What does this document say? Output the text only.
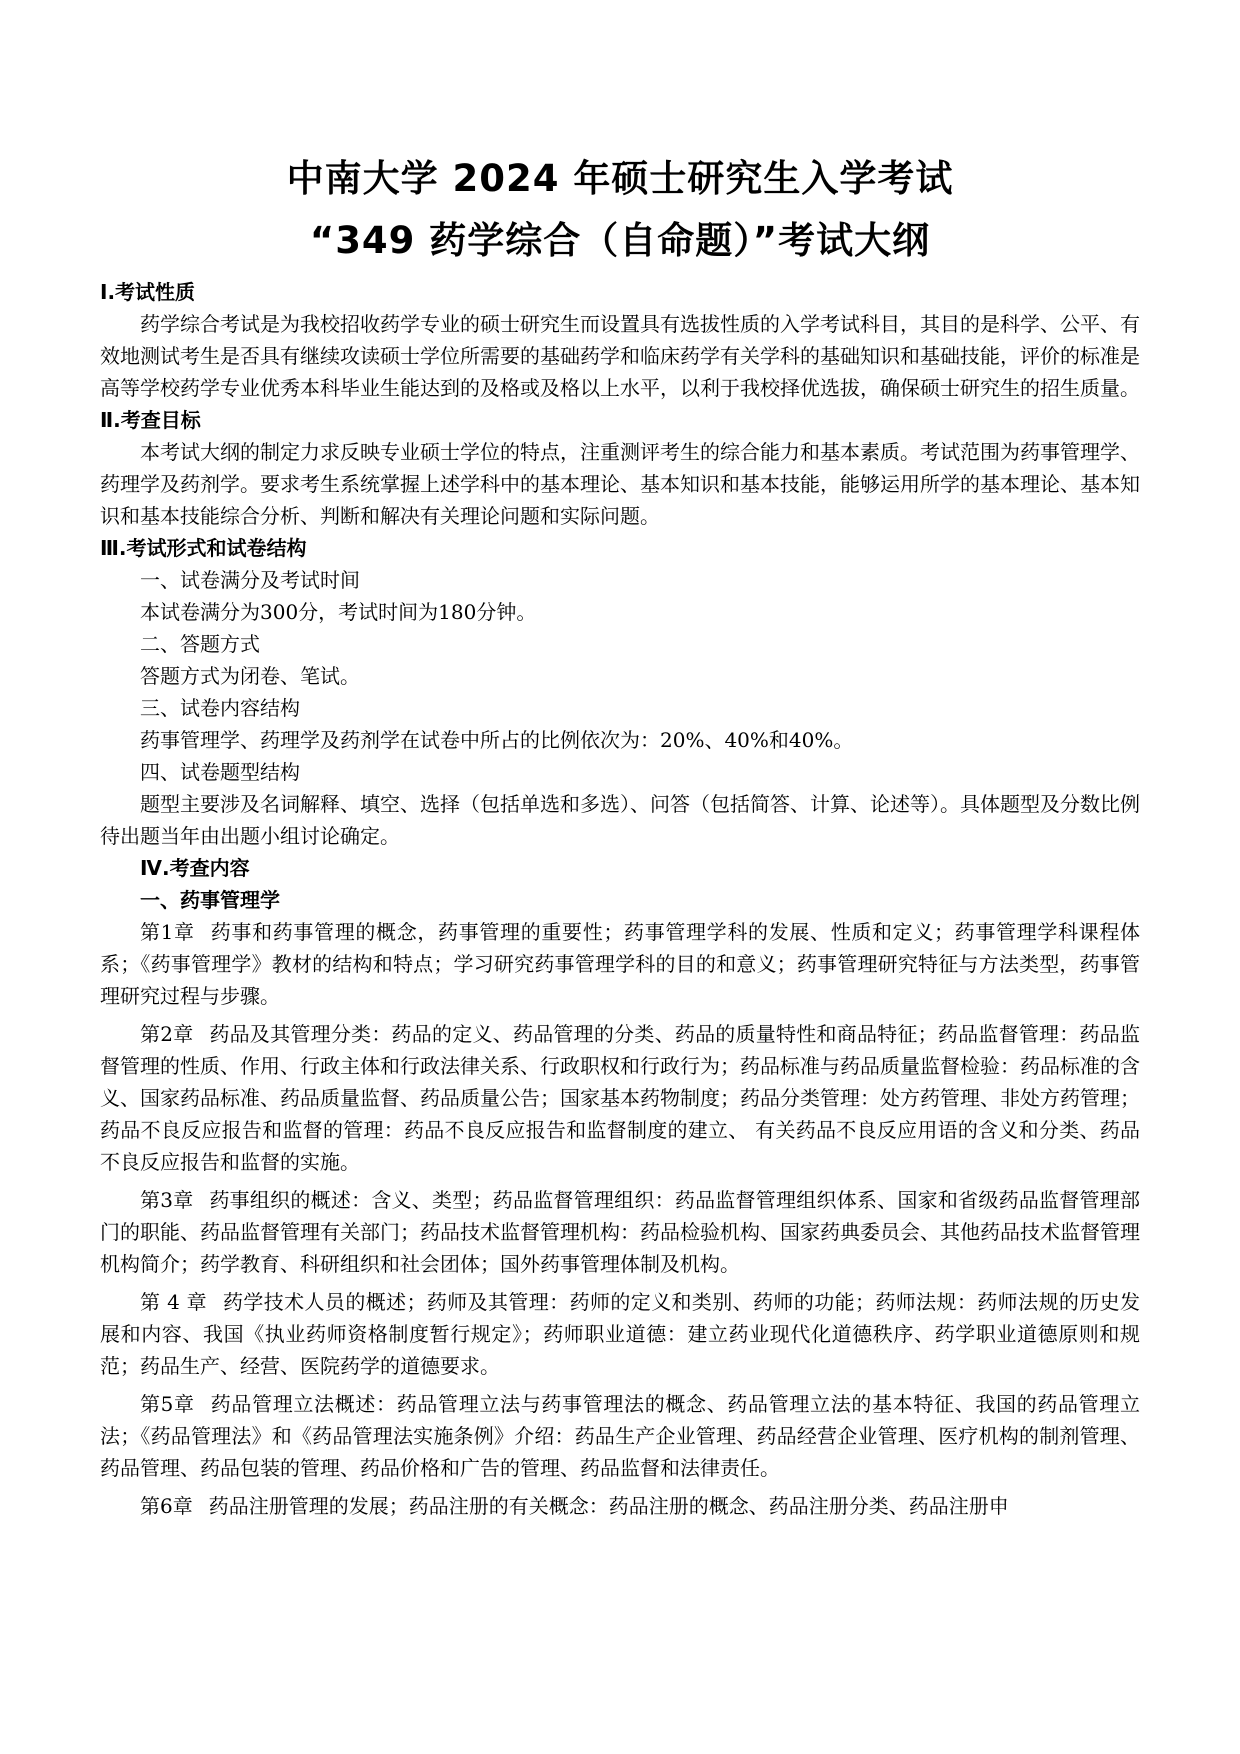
中南大学 2024 年硕士研究生入学考试
“349 药学综合（自命题）”考试大纲
Ⅰ.考试性质

药学综合考试是为我校招收药学专业的硕士研究生而设置具有选拔性质的入学考试科目，其目的是科学、公平、有效地测试考生是否具有继续攻读硕士学位所需要的基础药学和临床药学有关学科的基础知识和基础技能，评价的标准是高等学校药学专业优秀本科毕业生能达到的及格或及格以上水平，以利于我校择优选拔，确保硕士研究生的招生质量。

Ⅱ.考查目标

本考试大纲的制定力求反映专业硕士学位的特点，注重测评考生的综合能力和基本素质。考试范围为药事管理学、药理学及药剂学。要求考生系统掌握上述学科中的基本理论、基本知识和基本技能，能够运用所学的基本理论、基本知识和基本技能综合分析、判断和解决有关理论问题和实际问题。

Ⅲ.考试形式和试卷结构
一、试卷满分及考试时间
本试卷满分为300分，考试时间为180分钟。
二、答题方式
答题方式为闭卷、笔试。
三、试卷内容结构
药事管理学、药理学及药剂学在试卷中所占的比例依次为：20%、40%和40%。
四、试卷题型结构

题型主要涉及名词解释、填空、选择（包括单选和多选）、问答（包括简答、计算、论述等）。具体题型及分数比例待出题当年由出题小组讨论确定。

Ⅳ.考查内容
一、药事管理学

第1章 药事和药事管理的概念，药事管理的重要性；药事管理学科的发展、性质和定义；药事管理学科课程体系；《药事管理学》教材的结构和特点；学习研究药事管理学科的目的和意义；药事管理研究特征与方法类型，药事管理研究过程与步骤。

第2章 药品及其管理分类：药品的定义、药品管理的分类、药品的质量特性和商品特征；药品监督管理：药品监督管理的性质、作用、行政主体和行政法律关系、行政职权和行政行为；药品标准与药品质量监督检验：药品标准的含义、国家药品标准、药品质量监督、药品质量公告；国家基本药物制度；药品分类管理：处方药管理、非处方药管理；药品不良反应报告和监督的管理：药品不良反应报告和监督制度的建立、 有关药品不良反应用语的含义和分类、药品不良反应报告和监督的实施。

第3章 药事组织的概述：含义、类型；药品监督管理组织：药品监督管理组织体系、国家和省级药品监督管理部门的职能、药品监督管理有关部门；药品技术监督管理机构：药品检验机构、国家药典委员会、其他药品技术监督管理机构简介；药学教育、科研组织和社会团体；国外药事管理体制及机构。

第 4 章 药学技术人员的概述；药师及其管理：药师的定义和类别、药师的功能；药师法规：药师法规的历史发展和内容、我国《执业药师资格制度暂行规定》；药师职业道德：建立药业现代化道德秩序、药学职业道德原则和规范；药品生产、经营、医院药学的道德要求。

第5章 药品管理立法概述：药品管理立法与药事管理法的概念、药品管理立法的基本特征、我国的药品管理立法；《药品管理法》和《药品管理法实施条例》介绍：药品生产企业管理、药品经营企业管理、医疗机构的制剂管理、药品管理、药品包装的管理、药品价格和广告的管理、药品监督和法律责任。

第6章 药品注册管理的发展；药品注册的有关概念：药品注册的概念、药品注册分类、药品注册申
